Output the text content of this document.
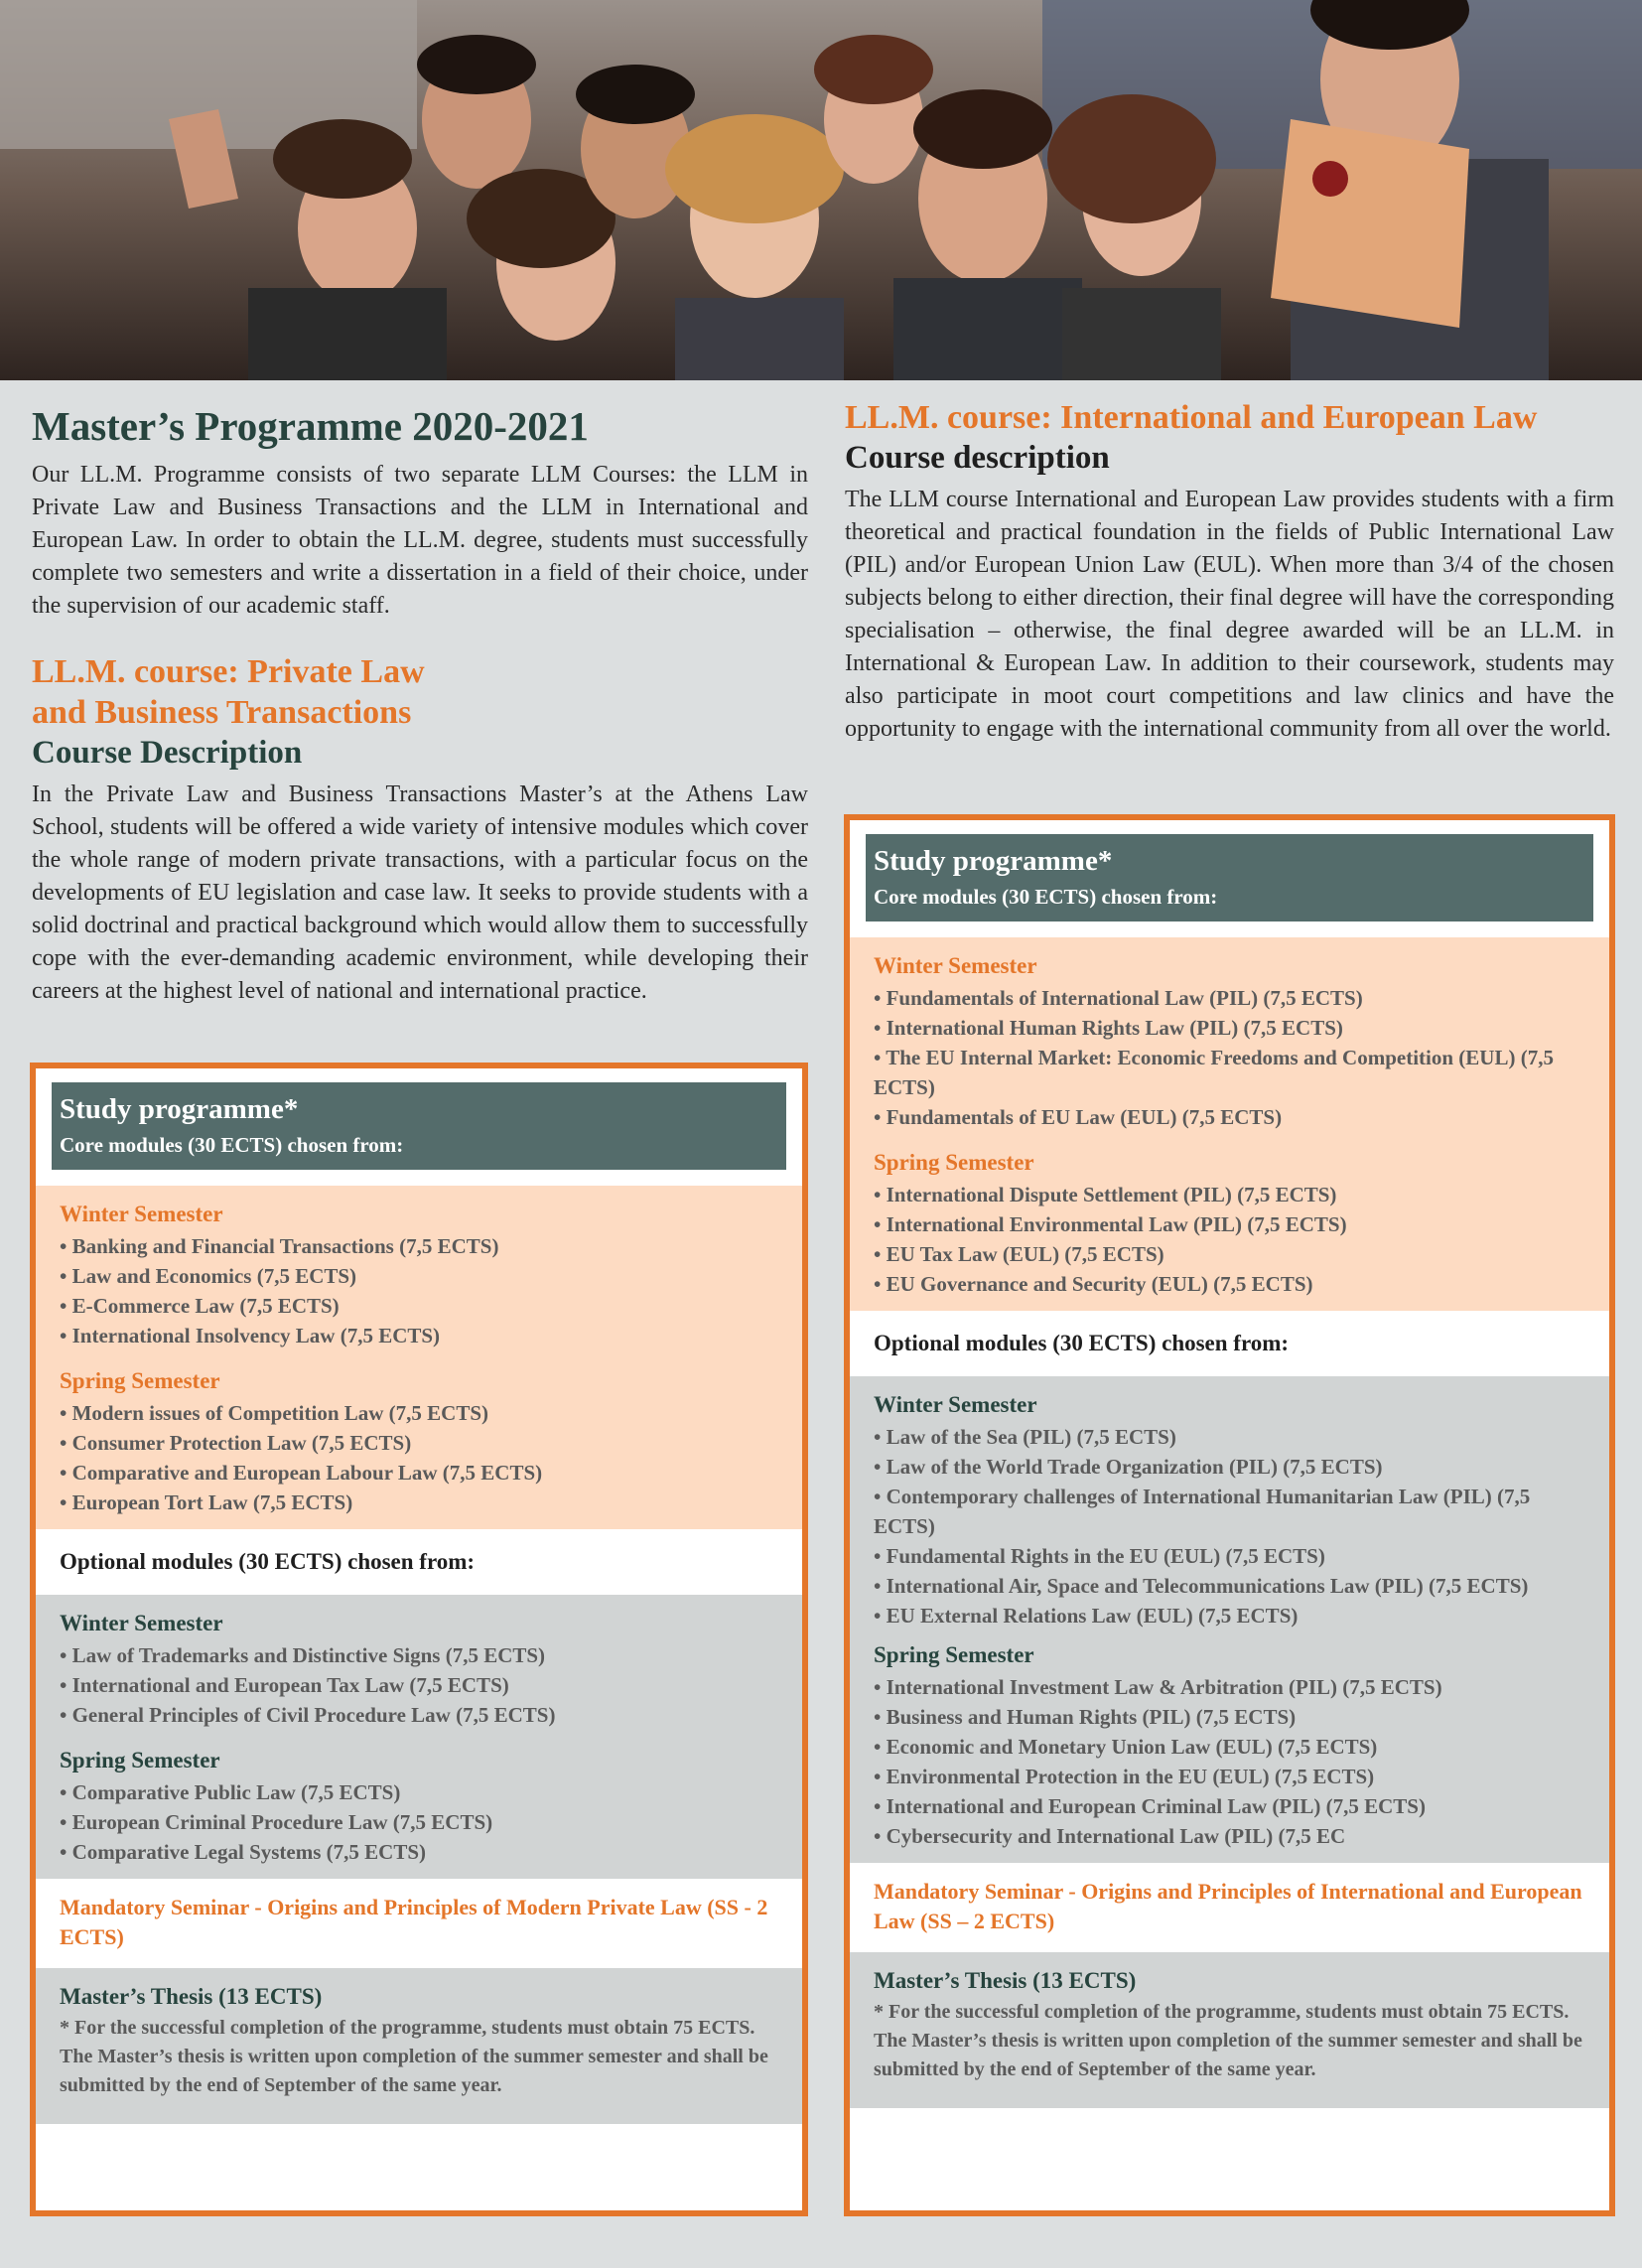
Master’s Programme 2020-2021

Our LL.M. Programme consists of two separate LLM Courses: the LLM in Private Law and Business Transactions and the LLM in International and European Law. In order to obtain the LL.M. degree, students must successfully complete two semesters and write a dissertation in a field of their choice, under the supervision of our academic staff.

LL.M. course: Private Law
and Business Transactions
Course Description

In the Private Law and Business Transactions Master’s at the Athens Law School, students will be offered a wide variety of intensive modules which cover the whole range of modern private transactions, with a particular focus on the developments of EU legislation and case law. It seeks to provide students with a solid doctrinal and practical background which would allow them to successfully cope with the ever-demanding academic environment, while developing their careers at the highest level of national and international practice.

LL.M. course: International and European Law
Course description

The LLM course International and European Law provides students with a firm theoretical and practical foundation in the fields of Public International Law (PIL) and/or European Union Law (EUL). When more than 3/4 of the chosen subjects belong to either direction, their final degree will have the corresponding specialisation – otherwise, the final degree awarded will be an LL.M. in International & European Law. In addition to their coursework, students may also participate in moot court competitions and law clinics and have the opportunity to engage with the international community from all over the world.

Study programme*
Core modules (30 ECTS) chosen from:
Winter Semester
• Banking and Financial Transactions (7,5 ECTS)
• Law and Economics (7,5 ECTS)
• E-Commerce Law (7,5 ECTS)
• International Insolvency Law (7,5 ECTS)
Spring Semester
• Modern issues of Competition Law (7,5 ECTS)
• Consumer Protection Law (7,5 ECTS)
• Comparative and European Labour Law (7,5 ECTS)
• European Tort Law (7,5 ECTS)
Optional modules (30 ECTS) chosen from:
Winter Semester
• Law of Trademarks and Distinctive Signs (7,5 ECTS)
• International and European Tax Law (7,5 ECTS)
• General Principles of Civil Procedure Law (7,5 ECTS)
Spring Semester
• Comparative Public Law (7,5 ECTS)
• European Criminal Procedure Law (7,5 ECTS)
• Comparative Legal Systems (7,5 ECTS)
Mandatory Seminar - Origins and Principles of Modern Private Law (SS - 2 ECTS)
Master’s Thesis (13 ECTS)

* For the successful completion of the programme, students must obtain 75 ECTS.

The Master’s thesis is written upon completion of the summer semester and shall be submitted by the end of September of the same year.

Study programme*
Core modules (30 ECTS) chosen from:
Winter Semester
• Fundamentals of International Law (PIL) (7,5 ECTS)
• International Human Rights Law (PIL) (7,5 ECTS)
• The EU Internal Market: Economic Freedoms and Competition (EUL) (7,5 ECTS)
• Fundamentals of EU Law (EUL) (7,5 ECTS)
Spring Semester
• International Dispute Settlement (PIL) (7,5 ECTS)
• International Environmental Law (PIL) (7,5 ECTS)
• EU Tax Law (EUL) (7,5 ECTS)
• EU Governance and Security (EUL) (7,5 ECTS)
Optional modules (30 ECTS) chosen from:
Winter Semester
• Law of the Sea (PIL) (7,5 ECTS)
• Law of the World Trade Organization (PIL) (7,5 ECTS)
• Contemporary challenges of International Humanitarian Law (PIL) (7,5 ECTS)
• Fundamental Rights in the EU (EUL) (7,5 ECTS)
• International Air, Space and Telecommunications Law (PIL) (7,5 ECTS)
• EU External Relations Law (EUL) (7,5 ECTS)
Spring Semester
• International Investment Law & Arbitration (PIL) (7,5 ECTS)
• Business and Human Rights (PIL) (7,5 ECTS)
• Economic and Monetary Union Law (EUL) (7,5 ECTS)
• Environmental Protection in the EU (EUL) (7,5 ECTS)
• International and European Criminal Law (PIL) (7,5 ECTS)
• Cybersecurity and International Law (PIL) (7,5 EC
Mandatory Seminar - Origins and Principles of International and European Law (SS – 2 ECTS)
Master’s Thesis (13 ECTS)

* For the successful completion of the programme, students must obtain 75 ECTS.

The Master’s thesis is written upon completion of the summer semester and shall be submitted by the end of September of the same year.
